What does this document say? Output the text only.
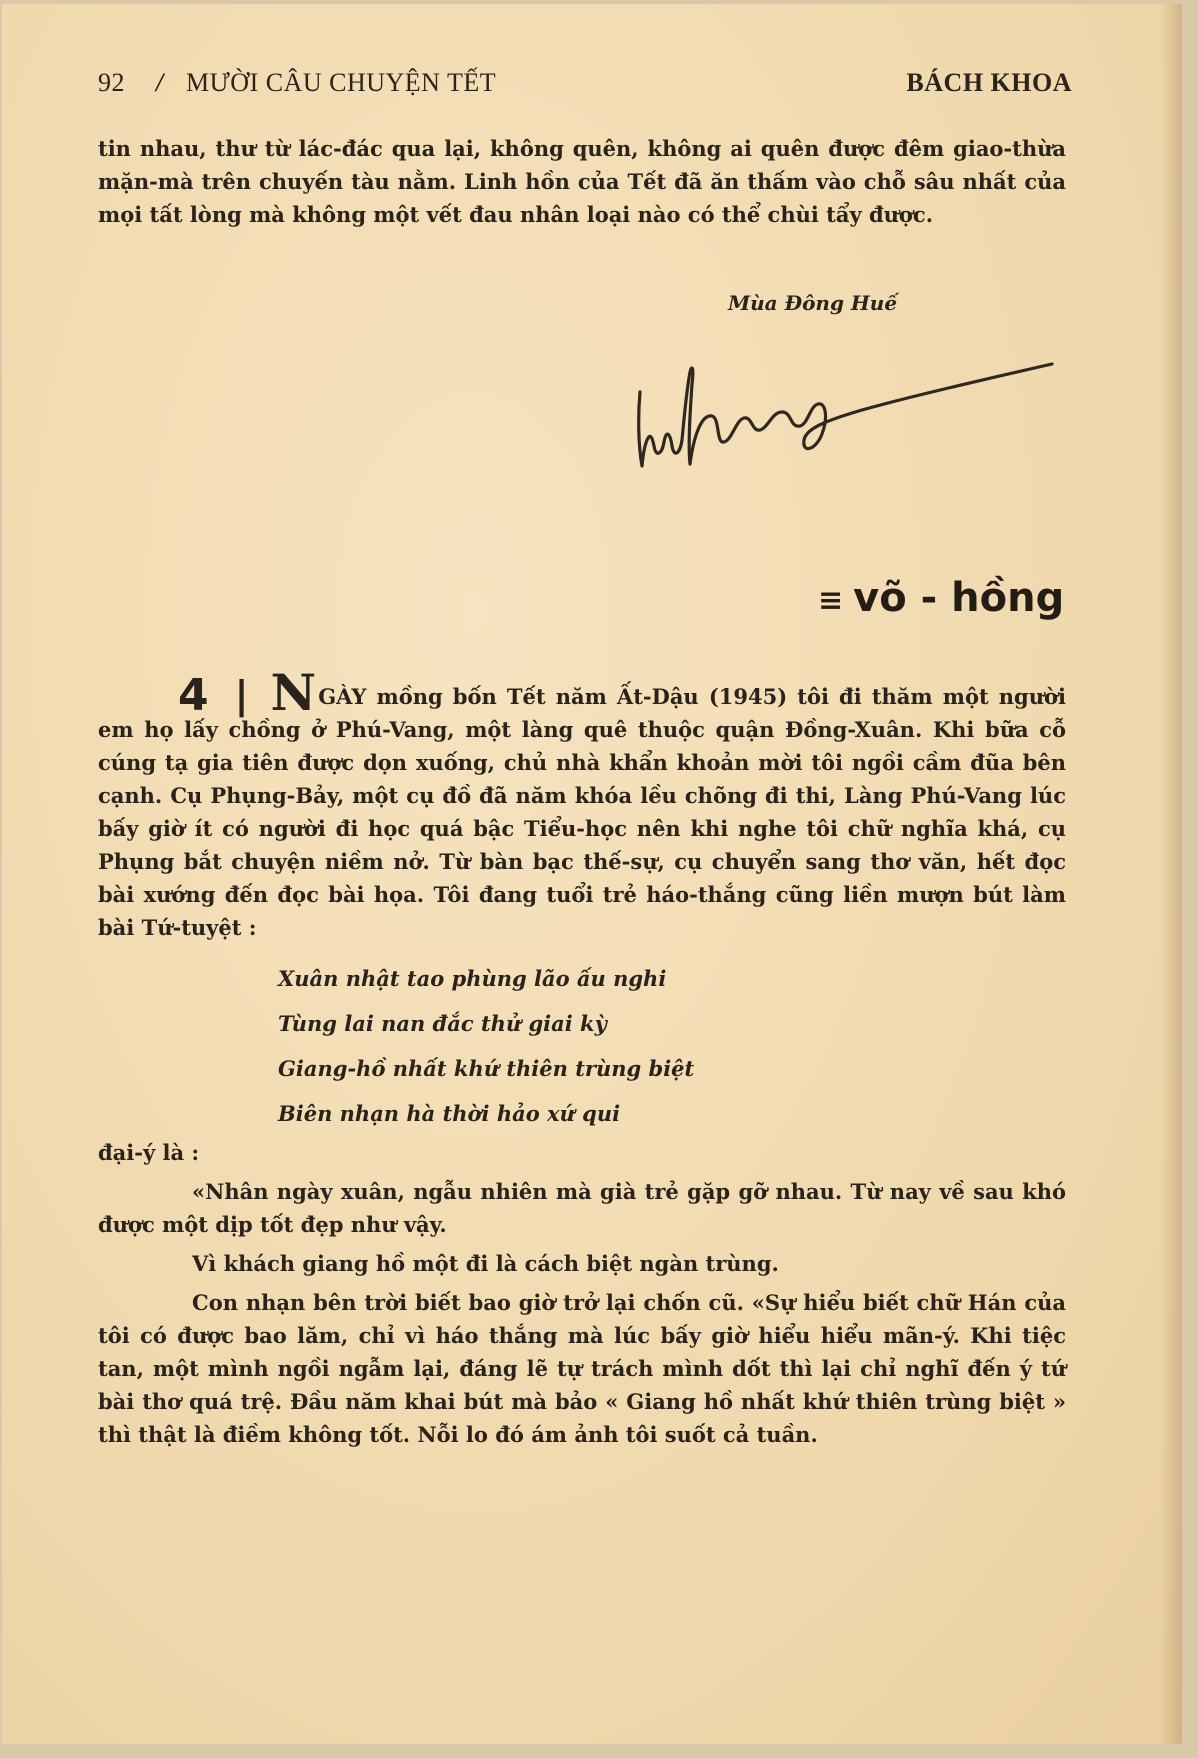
92 / MƯỜI CÂU CHUYỆN TẾT	BÁCH KHOA
tin nhau, thư từ lác-đác qua lại, không quên, không ai quên được đêm giao-thừa mặn-mà trên chuyến tàu nằm. Linh hồn của Tết đã ăn thấm vào chỗ sâu nhất của mọi tất lòng mà không một vết đau nhân loại nào có thể chùi tẩy được.
Mùa Đông Huế
≡ võ - hồng

4 | NGÀY mồng bốn Tết năm Ất-Dậu (1945) tôi đi thăm một người em họ lấy chồng ở Phú-Vang, một làng quê thuộc quận Đồng-Xuân. Khi bữa cỗ cúng tạ gia tiên được dọn xuống, chủ nhà khẩn khoản mời tôi ngồi cầm đũa bên cạnh. Cụ Phụng-Bảy, một cụ đồ đã năm khóa lều chõng đi thi, Làng Phú-Vang lúc bấy giờ ít có người đi học quá bậc Tiểu-học nên khi nghe tôi chữ nghĩa khá, cụ Phụng bắt chuyện niềm nở. Từ bàn bạc thế-sự, cụ chuyển sang thơ văn, hết đọc bài xướng đến đọc bài họa. Tôi đang tuổi trẻ háo-thắng cũng liền mượn bút làm bài Tứ-tuyệt :

Xuân nhật tao phùng lão ấu nghi
Tùng lai nan đắc thử giai kỳ
Giang-hồ nhất khứ thiên trùng biệt
Biên nhạn hà thời hảo xứ qui

đại-ý là :

«Nhân ngày xuân, ngẫu nhiên mà già trẻ gặp gỡ nhau. Từ nay về sau khó được một dịp tốt đẹp như vậy.

Vì khách giang hồ một đi là cách biệt ngàn trùng.

Con nhạn bên trời biết bao giờ trở lại chốn cũ. «Sự hiểu biết chữ Hán của tôi có được bao lăm, chỉ vì háo thắng mà lúc bấy giờ hiểu hiểu mãn-ý. Khi tiệc tan, một mình ngồi ngẫm lại, đáng lẽ tự trách mình dốt thì lại chỉ nghĩ đến ý tứ bài thơ quá trệ. Đầu năm khai bút mà bảo « Giang hồ nhất khứ thiên trùng biệt » thì thật là điềm không tốt. Nỗi lo đó ám ảnh tôi suốt cả tuần.
